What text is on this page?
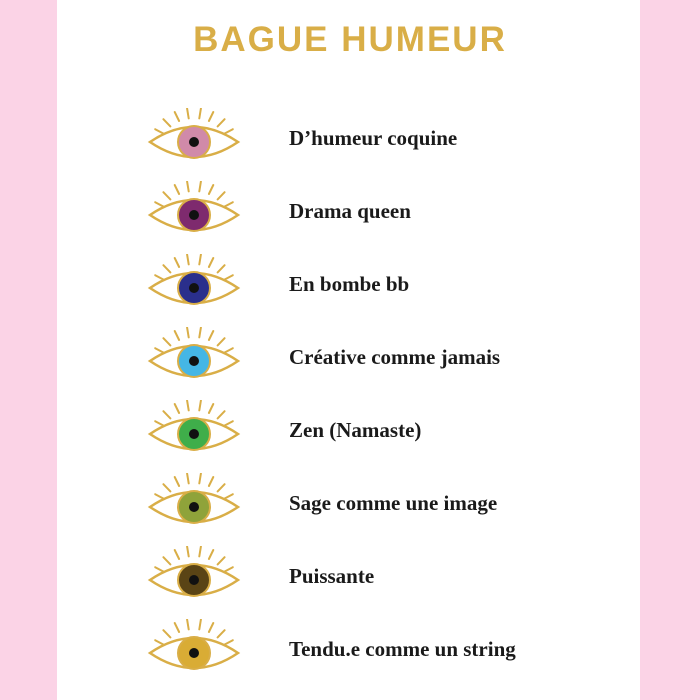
BAGUE HUMEUR
D’humeur coquine
Drama queen
En bombe bb
Créative comme jamais
Zen (Namaste)
Sage comme une image
Puissante
Tendu.e comme un string
